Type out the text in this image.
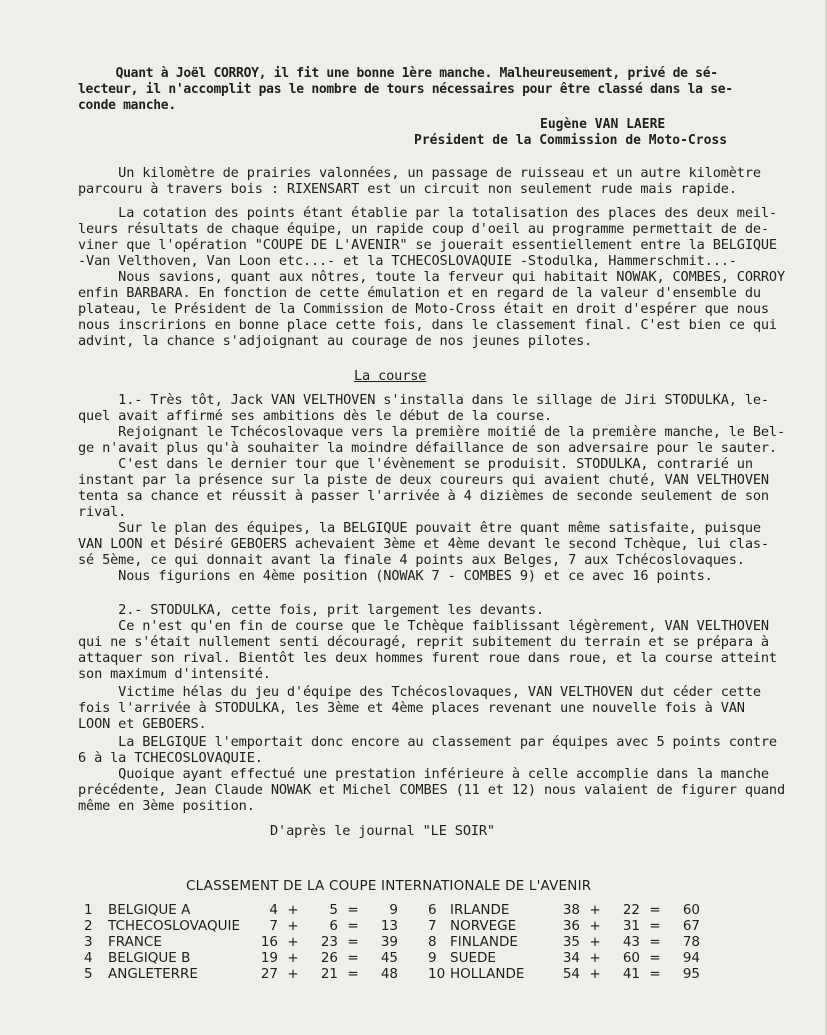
Quant à Joël CORROY, il fit une bonne 1ère manche. Malheureusement, privé de sé-
lecteur, il n'accomplit pas le nombre de tours nécessaires pour être classé dans la se-
conde manche.
Eugène VAN LAERE
Président de la Commission de Moto-Cross
Un kilomètre de prairies valonnées, un passage de ruisseau et un autre kilomètre
parcouru à travers bois : RIXENSART est un circuit non seulement rude mais rapide.
La cotation des points étant établie par la totalisation des places des deux meil-
leurs résultats de chaque équipe, un rapide coup d'oeil au programme permettait de de-
viner que l'opération "COUPE DE L'AVENIR" se jouerait essentiellement entre la BELGIQUE
-Van Velthoven, Van Loon etc...- et la TCHECOSLOVAQUIE -Stodulka, Hammerschmit...-
Nous savions, quant aux nôtres, toute la ferveur qui habitait NOWAK, COMBES, CORROY
enfin BARBARA. En fonction de cette émulation et en regard de la valeur d'ensemble du
plateau, le Président de la Commission de Moto-Cross était en droit d'espérer que nous
nous inscririons en bonne place cette fois, dans le classement final. C'est bien ce qui
advint, la chance s'adjoignant au courage de nos jeunes pilotes.
La course
1.- Très tôt, Jack VAN VELTHOVEN s'installa dans le sillage de Jiri STODULKA, le-
quel avait affirmé ses ambitions dès le début de la course.
Rejoignant le Tchécoslovaque vers la première moitié de la première manche, le Bel-
ge n'avait plus qu'à souhaiter la moindre défaillance de son adversaire pour le sauter.
C'est dans le dernier tour que l'évènement se produisit. STODULKA, contrarié un
instant par la présence sur la piste de deux coureurs qui avaient chuté, VAN VELTHOVEN
tenta sa chance et réussit à passer l'arrivée à 4 dizièmes de seconde seulement de son
rival.
Sur le plan des équipes, la BELGIQUE pouvait être quant même satisfaite, puisque
VAN LOON et Désiré GEBOERS achevaient 3ème et 4ème devant le second Tchèque, lui clas-
sé 5ème, ce qui donnait avant la finale 4 points aux Belges, 7 aux Tchécoslovaques.
Nous figurions en 4ème position (NOWAK 7 - COMBES 9) et ce avec 16 points.
2.- STODULKA, cette fois, prit largement les devants.
Ce n'est qu'en fin de course que le Tchèque faiblissant légèrement, VAN VELTHOVEN
qui ne s'était nullement senti découragé, reprit subitement du terrain et se prépara à
attaquer son rival. Bientôt les deux hommes furent roue dans roue, et la course atteint
son maximum d'intensité.
Victime hélas du jeu d'équipe des Tchécoslovaques, VAN VELTHOVEN dut céder cette
fois l'arrivée à STODULKA, les 3ème et 4ème places revenant une nouvelle fois à VAN
LOON et GEBOERS.
La BELGIQUE l'emportait donc encore au classement par équipes avec 5 points contre
6 à la TCHECOSLOVAQUIE.
Quoique ayant effectué une prestation inférieure à celle accomplie dans la manche
précédente, Jean Claude NOWAK et Michel COMBES (11 et 12) nous valaient de figurer quand
même en 3ème position.
D'après le journal "LE SOIR"
CLASSEMENT DE LA COUPE INTERNATIONALE DE L'AVENIR
1	BELGIQUE A	4	+	5	=	9		6	IRLANDE	38	+	22	=	60
2	TCHECOSLOVAQUIE	7	+	6	=	13		7	NORVEGE	36	+	31	=	67
3	FRANCE	16	+	23	=	39		8	FINLANDE	35	+	43	=	78
4	BELGIQUE B	19	+	26	=	45		9	SUEDE	34	+	60	=	94
5	ANGLETERRE	27	+	21	=	48		10	HOLLANDE	54	+	41	=	95
